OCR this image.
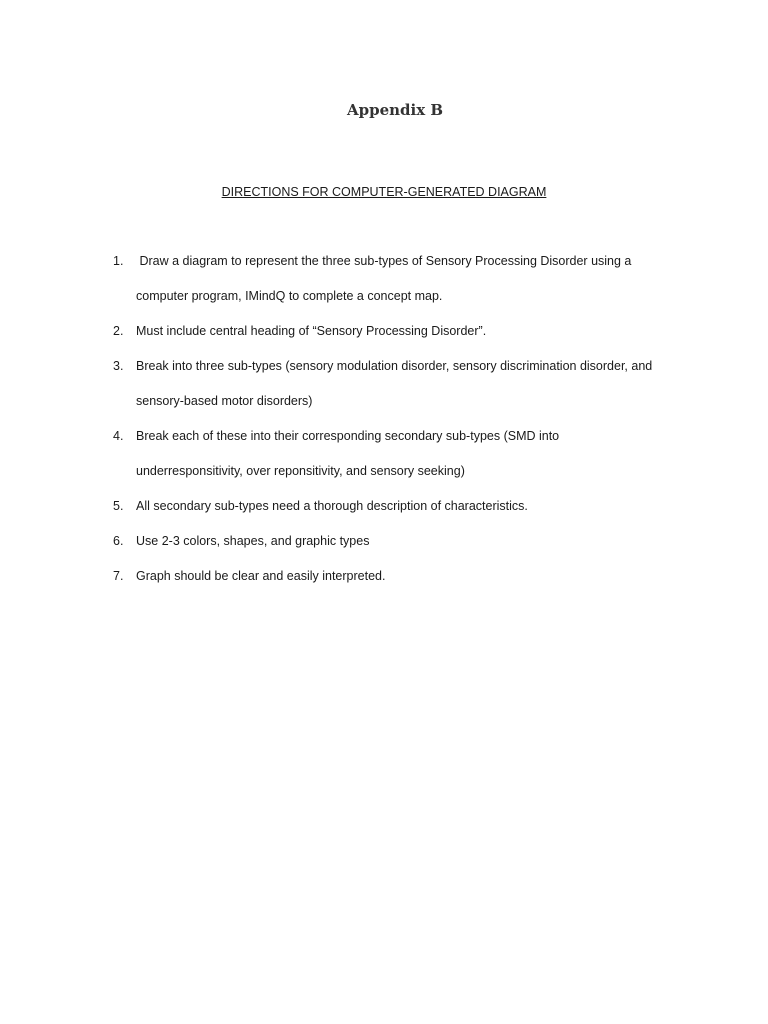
Appendix B
DIRECTIONS FOR COMPUTER-GENERATED DIAGRAM
1. Draw a diagram to represent the three sub-types of Sensory Processing Disorder using a
computer program, IMindQ to complete a concept map.
2. Must include central heading of “Sensory Processing Disorder”.
3. Break into three sub-types (sensory modulation disorder, sensory discrimination disorder, and
sensory-based motor disorders)
4. Break each of these into their corresponding secondary sub-types (SMD into
underresponsitivity, over reponsitivity, and sensory seeking)
5. All secondary sub-types need a thorough description of characteristics.
6. Use 2-3 colors, shapes, and graphic types
7. Graph should be clear and easily interpreted.
